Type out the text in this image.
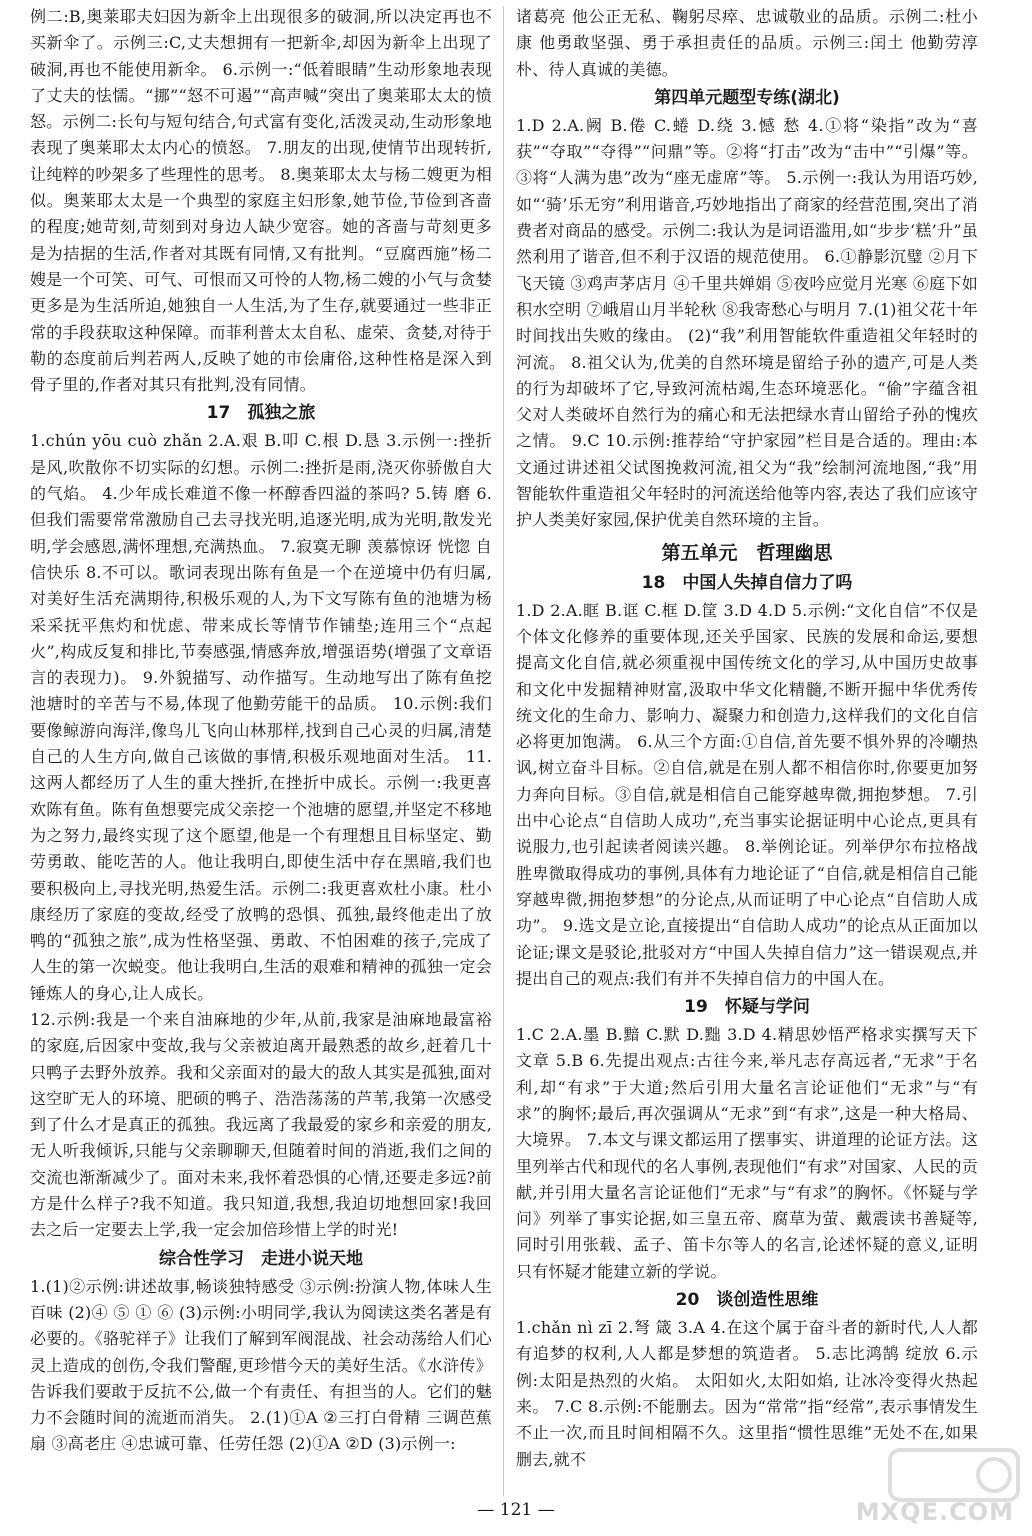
例二:B,奥莱耶夫妇因为新伞上出现很多的破洞,所以决定再也不买新伞了。示例三:C,丈夫想拥有一把新伞,却因为新伞上出现了破洞,再也不能使用新伞。 6.示例一:“低着眼睛”生动形象地表现了丈夫的怯懦。“挪”“怒不可遏”“高声喊”突出了奥莱耶太太的愤怒。示例二:长句与短句结合,句式富有变化,活泼灵动,生动形象地表现了奥莱耶太太内心的愤怒。 7.朋友的出现,使情节出现转折,让纯粹的吵架多了些理性的思考。 8.奥莱耶太太与杨二嫂更为相似。奥莱耶太太是一个典型的家庭主妇形象,她节俭,节俭到吝啬的程度;她苛刻,苛刻到对身边人缺少宽容。她的吝啬与苛刻更多是为拮据的生活,作者对其既有同情,又有批判。“豆腐西施”杨二嫂是一个可笑、可气、可恨而又可怜的人物,杨二嫂的小气与贪婪更多是为生活所迫,她独自一人生活,为了生存,就要通过一些非正常的手段获取这种保障。而菲利普太太自私、虚荣、贪婪,对待于勒的态度前后判若两人,反映了她的市侩庸俗,这种性格是深入到骨子里的,作者对其只有批判,没有同情。

17　孤独之旅

1.chún yōu cuò zhǎn 2.A.艰 B.叩 C.根 D.恳 3.示例一:挫折是风,吹散你不切实际的幻想。示例二:挫折是雨,浇灭你骄傲自大的气焰。 4.少年成长难道不像一杯醇香四溢的茶吗? 5.铸 磨 6.但我们需要常常激励自己去寻找光明,追逐光明,成为光明,散发光明,学会感恩,满怀理想,充满热血。 7.寂寞无聊 羡慕惊讶 恍惚 自信快乐 8.不可以。歌词表现出陈有鱼是一个在逆境中仍有归属,对美好生活充满期待,积极乐观的人,为下文写陈有鱼的池塘为杨采采抚平焦灼和忧虑、带来成长等情节作铺垫;连用三个“点起火”,构成反复和排比,节奏感强,情感奔放,增强语势(增强了文章语言的表现力)。 9.外貌描写、动作描写。生动地写出了陈有鱼挖池塘时的辛苦与不易,体现了他勤劳能干的品质。 10.示例:我们要像鲸游向海洋,像鸟儿飞向山林那样,找到自己心灵的归属,清楚自己的人生方向,做自己该做的事情,积极乐观地面对生活。 11.这两人都经历了人生的重大挫折,在挫折中成长。示例一:我更喜欢陈有鱼。陈有鱼想要完成父亲挖一个池塘的愿望,并坚定不移地为之努力,最终实现了这个愿望,他是一个有理想且目标坚定、勤劳勇敢、能吃苦的人。他让我明白,即使生活中存在黑暗,我们也要积极向上,寻找光明,热爱生活。示例二:我更喜欢杜小康。杜小康经历了家庭的变故,经受了放鸭的恐惧、孤独,最终他走出了放鸭的“孤独之旅”,成为性格坚强、勇敢、不怕困难的孩子,完成了人生的第一次蜕变。他让我明白,生活的艰难和精神的孤独一定会锤炼人的身心,让人成长。

12.示例:我是一个来自油麻地的少年,从前,我家是油麻地最富裕的家庭,后因家中变故,我与父亲被迫离开最熟悉的故乡,赶着几十只鸭子去野外放养。我和父亲面对的最大的敌人其实是孤独,面对这空旷无人的环境、肥硕的鸭子、浩浩荡荡的芦苇,我第一次感受到了什么才是真正的孤独。我远离了我最爱的家乡和亲爱的朋友,无人听我倾诉,只能与父亲聊聊天,但随着时间的消逝,我们之间的交流也渐渐减少了。面对未来,我怀着恐惧的心情,还要走多远?前方是什么样子?我不知道。我只知道,我想,我迫切地想回家!我回去之后一定要去上学,我一定会加倍珍惜上学的时光!

综合性学习　走进小说天地

1.(1)②示例:讲述故事,畅谈独特感受 ③示例:扮演人物,体味人生百味 (2)④ ⑤ ① ⑥ (3)示例:小明同学,我认为阅读这类名著是有必要的。《骆驼祥子》让我们了解到军阀混战、社会动荡给人们心灵上造成的创伤,令我们警醒,更珍惜今天的美好生活。《水浒传》告诉我们要敢于反抗不公,做一个有责任、有担当的人。它们的魅力不会随时间的流逝而消失。 2.(1)①A ②三打白骨精 三调芭蕉扇 ③高老庄 ④忠诚可靠、任劳任怨 (2)①A ②D (3)示例一:

诸葛亮 他公正无私、鞠躬尽瘁、忠诚敬业的品质。示例二:杜小康 他勇敢坚强、勇于承担责任的品质。示例三:闰土 他勤劳淳朴、待人真诚的美德。

第四单元题型专练(湖北)

1.D 2.A.阙 B.倦 C.蜷 D.绕 3.憾 愁 4.①将“染指”改为“喜获”“夺取”“夺得”“问鼎”等。②将“打击”改为“击中”“引爆”等。③将“人满为患”改为“座无虚席”等。 5.示例一:我认为用语巧妙,如“‘骑’乐无穷”利用谐音,巧妙地指出了商家的经营范围,突出了消费者对商品的感受。示例二:我认为是词语滥用,如“步步‘糕’升”虽然利用了谐音,但不利于汉语的规范使用。 6.①静影沉璧 ②月下飞天镜 ③鸡声茅店月 ④千里共婵娟 ⑤夜吟应觉月光寒 ⑥庭下如积水空明 ⑦峨眉山月半轮秋 ⑧我寄愁心与明月 7.(1)祖父花十年时间找出失败的缘由。 (2)“我”利用智能软件重造祖父年轻时的河流。 8.祖父认为,优美的自然环境是留给子孙的遗产,可是人类的行为却破坏了它,导致河流枯竭,生态环境恶化。“偷”字蕴含祖父对人类破坏自然行为的痛心和无法把绿水青山留给子孙的愧疚之情。 9.C 10.示例:推荐给“守护家园”栏目是合适的。理由:本文通过讲述祖父试图挽救河流,祖父为“我”绘制河流地图,“我”用智能软件重造祖父年轻时的河流送给他等内容,表达了我们应该守护人类美好家园,保护优美自然环境的主旨。

第五单元　哲理幽思
18　中国人失掉自信力了吗

1.D 2.A.眶 B.诓 C.框 D.筐 3.D 4.D 5.示例:“文化自信”不仅是个体文化修养的重要体现,还关乎国家、民族的发展和命运,要想提高文化自信,就必须重视中国传统文化的学习,从中国历史故事和文化中发掘精神财富,汲取中华文化精髓,不断开掘中华优秀传统文化的生命力、影响力、凝聚力和创造力,这样我们的文化自信必将更加饱满。 6.从三个方面:①自信,首先要不惧外界的冷嘲热讽,树立奋斗目标。②自信,就是在别人都不相信你时,你要更加努力奔向目标。③自信,就是相信自己能穿越卑微,拥抱梦想。 7.引出中心论点“自信助人成功”,充当事实论据证明中心论点,更具有说服力,也引起读者阅读兴趣。 8.举例论证。列举伊尔布拉格战胜卑微取得成功的事例,具体有力地论证了“自信,就是相信自己能穿越卑微,拥抱梦想”的分论点,从而证明了中心论点“自信助人成功”。 9.选文是立论,直接提出“自信助人成功”的论点从正面加以论证;课文是驳论,批驳对方“中国人失掉自信力”这一错误观点,并提出自己的观点:我们有并不失掉自信力的中国人在。

19　怀疑与学问

1.C 2.A.墨 B.黯 C.默 D.黜 3.D 4.精思妙悟严格求实撰写天下文章 5.B 6.先提出观点:古往今来,举凡志存高远者,“无求”于名利,却“有求”于大道;然后引用大量名言论证他们“无求”与“有求”的胸怀;最后,再次强调从“无求”到“有求”,这是一种大格局、大境界。 7.本文与课文都运用了摆事实、讲道理的论证方法。这里列举古代和现代的名人事例,表现他们“有求”对国家、人民的贡献,并引用大量名言论证他们“无求”与“有求”的胸怀。《怀疑与学问》列举了事实论据,如三皇五帝、腐草为萤、戴震读书善疑等,同时引用张载、孟子、笛卡尔等人的名言,论述怀疑的意义,证明只有怀疑才能建立新的学说。

20　谈创造性思维

1.chǎn nì zī 2.弩 箴 3.A 4.在这个属于奋斗者的新时代,人人都有追梦的权利,人人都是梦想的筑造者。 5.志比鸿鹄 绽放 6.示例:太阳是热烈的火焰。 太阳如火,太阳如焰, 让冰冷变得火热起来。 7.C 8.示例:不能删去。因为“常常”指“经常”,表示事情发生不止一次,而且时间相隔不久。这里指“惯性思维”无处不在,如果删去,就不

— 121 —	MXQE.COM
